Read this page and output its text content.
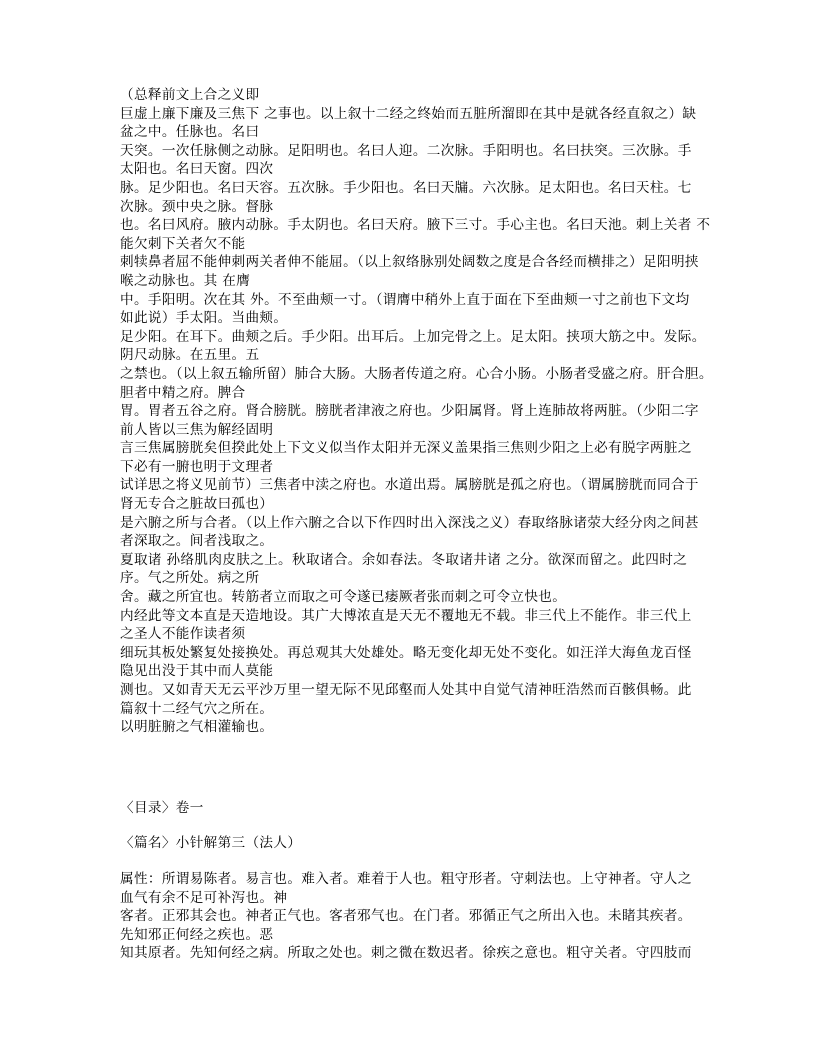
（总释前文上合之义即
巨虚上廉下廉及三焦下 之事也。以上叙十二经之终始而五脏所溜即在其中是就各经直叙之）缺
盆之中。任脉也。名曰
天突。一次任脉侧之动脉。足阳明也。名曰人迎。二次脉。手阳明也。名曰扶突。三次脉。手
太阳也。名曰天窗。四次
脉。足少阳也。名曰天容。五次脉。手少阳也。名曰天牖。六次脉。足太阳也。名曰天柱。七
次脉。颈中央之脉。督脉
也。名曰风府。腋内动脉。手太阴也。名曰天府。腋下三寸。手心主也。名曰天池。刺上关者 不
能欠刺下关者欠不能
刺犊鼻者屈不能伸刺两关者伸不能屈。（以上叙络脉别处阔数之度是合各经而横排之）足阳明挟
喉之动脉也。其 在膺
中。手阳明。次在其 外。不至曲颊一寸。（谓膺中稍外上直于面在下至曲颊一寸之前也下文均
如此说）手太阳。当曲颊。
足少阳。在耳下。曲颊之后。手少阳。出耳后。上加完骨之上。足太阳。挟项大筋之中。发际。
阴尺动脉。在五里。五
之禁也。（以上叙五输所留）肺合大肠。大肠者传道之府。心合小肠。小肠者受盛之府。肝合胆。
胆者中精之府。脾合
胃。胃者五谷之府。肾合膀胱。膀胱者津液之府也。少阳属肾。肾上连肺故将两脏。（少阳二字
前人皆以三焦为解经固明
言三焦属膀胱矣但揆此处上下文义似当作太阳并无深义盖果指三焦则少阳之上必有脱字两脏之
下必有一腑也明于文理者
试详思之将义见前节）三焦者中渎之府也。水道出焉。属膀胱是孤之府也。（谓属膀胱而同合于
肾无专合之脏故曰孤也）
是六腑之所与合者。（以上作六腑之合以下作四时出入深浅之义）春取络脉诸荥大经分肉之间甚
者深取之。间者浅取之。
夏取诸 孙络肌肉皮肤之上。秋取诸合。余如春法。冬取诸井诸 之分。欲深而留之。此四时之
序。气之所处。病之所
舍。藏之所宜也。转筋者立而取之可令遂已痿厥者张而刺之可令立快也。
内经此等文本直是天造地设。其广大博浓直是天无不覆地无不载。非三代上不能作。非三代上
之圣人不能作读者须
细玩其板处繁复处接换处。再总观其大处雄处。略无变化却无处不变化。如汪洋大海鱼龙百怪
隐见出没于其中而人莫能
测也。又如青天无云平沙万里一望无际不见邱壑而人处其中自觉气清神旺浩然而百骸俱畅。此
篇叙十二经气穴之所在。
以明脏腑之气相灌输也。
〈目录〉卷一
〈篇名〉小针解第三（法人）
属性：所谓易陈者。易言也。难入者。难着于人也。粗守形者。守刺法也。上守神者。守人之
血气有余不足可补泻也。神
客者。正邪其会也。神者正气也。客者邪气也。在门者。邪循正气之所出入也。未睹其疾者。
先知邪正何经之疾也。恶
知其原者。先知何经之病。所取之处也。刺之微在数迟者。徐疾之意也。粗守关者。守四肢而
